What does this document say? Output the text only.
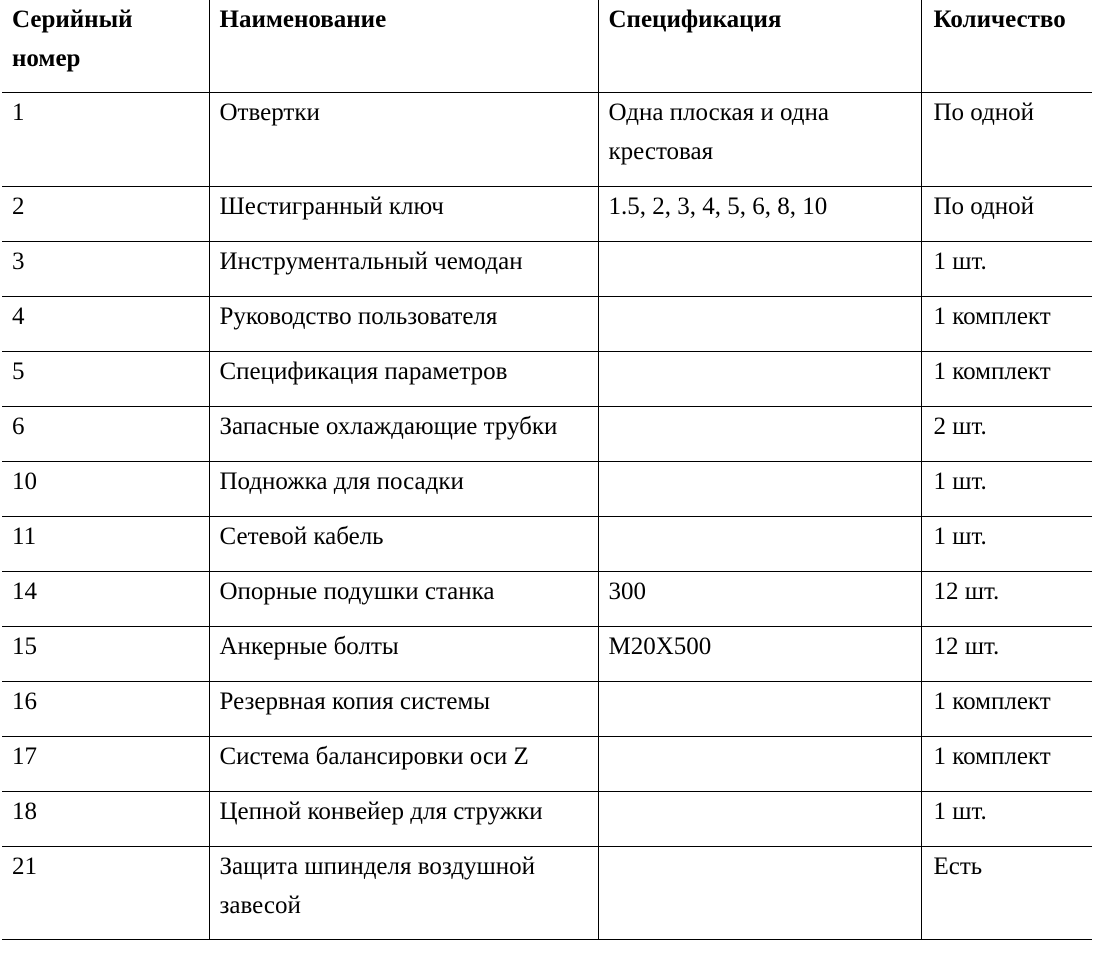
Серийный номер	Наименование	Спецификация	Количество
1	Отвертки	Одна плоская и одна крестовая	По одной
2	Шестигранный ключ	1.5, 2, 3, 4, 5, 6, 8, 10	По одной
3	Инструментальный чемодан		1 шт.
4	Руководство пользователя		1 комплект
5	Спецификация параметров		1 комплект
6	Запасные охлаждающие трубки		2 шт.
10	Подножка для посадки		1 шт.
11	Сетевой кабель		1 шт.
14	Опорные подушки станка	300	12 шт.
15	Анкерные болты	M20X500	12 шт.
16	Резервная копия системы		1 комплект
17	Система балансировки оси Z		1 комплект
18	Цепной конвейер для стружки		1 шт.
21	Защита шпинделя воздушной завесой		Есть
